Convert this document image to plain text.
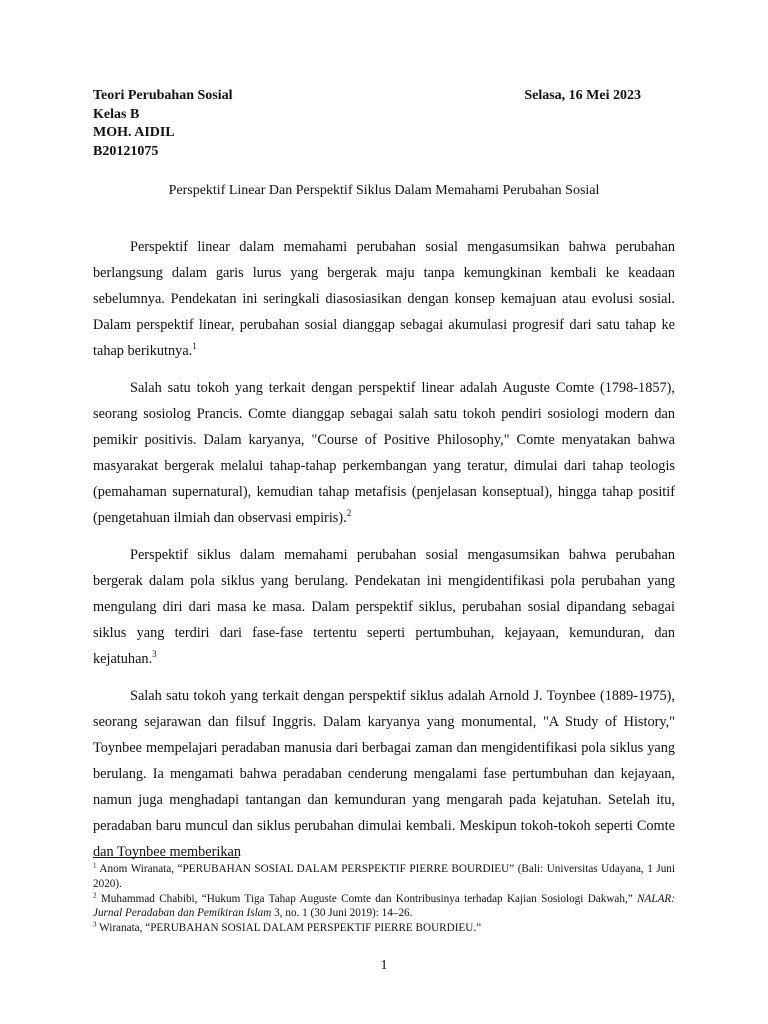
Teori Perubahan Sosial	Selasa, 16 Mei 2023
Kelas B
MOH. AIDIL
B20121075
Perspektif Linear Dan Perspektif Siklus Dalam Memahami Perubahan Sosial

Perspektif linear dalam memahami perubahan sosial mengasumsikan bahwa perubahan berlangsung dalam garis lurus yang bergerak maju tanpa kemungkinan kembali ke keadaan sebelumnya. Pendekatan ini seringkali diasosiasikan dengan konsep kemajuan atau evolusi sosial. Dalam perspektif linear, perubahan sosial dianggap sebagai akumulasi progresif dari satu tahap ke tahap berikutnya.$^1$

Salah satu tokoh yang terkait dengan perspektif linear adalah Auguste Comte (1798-1857), seorang sosiolog Prancis. Comte dianggap sebagai salah satu tokoh pendiri sosiologi modern dan pemikir positivis. Dalam karyanya, "Course of Positive Philosophy," Comte menyatakan bahwa masyarakat bergerak melalui tahap-tahap perkembangan yang teratur, dimulai dari tahap teologis (pemahaman supernatural), kemudian tahap metafisis (penjelasan konseptual), hingga tahap positif (pengetahuan ilmiah dan observasi empiris).$^2$

Perspektif siklus dalam memahami perubahan sosial mengasumsikan bahwa perubahan bergerak dalam pola siklus yang berulang. Pendekatan ini mengidentifikasi pola perubahan yang mengulang diri dari masa ke masa. Dalam perspektif siklus, perubahan sosial dipandang sebagai siklus yang terdiri dari fase-fase tertentu seperti pertumbuhan, kejayaan, kemunduran, dan kejatuhan.$^3$

Salah satu tokoh yang terkait dengan perspektif siklus adalah Arnold J. Toynbee (1889-1975), seorang sejarawan dan filsuf Inggris. Dalam karyanya yang monumental, "A Study of History," Toynbee mempelajari peradaban manusia dari berbagai zaman dan mengidentifikasi pola siklus yang berulang. Ia mengamati bahwa peradaban cenderung mengalami fase pertumbuhan dan kejayaan, namun juga menghadapi tantangan dan kemunduran yang mengarah pada kejatuhan. Setelah itu, peradaban baru muncul dan siklus perubahan dimulai kembali. Meskipun tokoh-tokoh seperti Comte dan Toynbee memberikan

$^1$ Anom Wiranata, “PERUBAHAN SOSIAL DALAM PERSPEKTIF PIERRE BOURDIEU” (Bali: Universitas Udayana, 1 Juni 2020).

$^2$ Muhammad Chabibi, “Hukum Tiga Tahap Auguste Comte dan Kontribusinya terhadap Kajian Sosiologi Dakwah,” NALAR: Jurnal Peradaban dan Pemikiran Islam 3, no. 1 (30 Juni 2019): 14–26.

$^3$ Wiranata, “PERUBAHAN SOSIAL DALAM PERSPEKTIF PIERRE BOURDIEU.”

1
